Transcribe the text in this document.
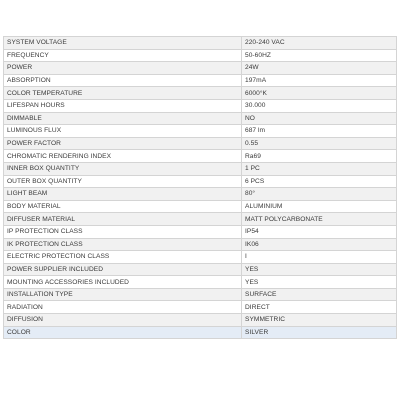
SYSTEM VOLTAGE	220-240 VAC
FREQUENCY	50-60HZ
POWER	24W
ABSORPTION	197mA
COLOR TEMPERATURE	6000°K
LIFESPAN HOURS	30.000
DIMMABLE	NO
LUMINOUS FLUX	687 lm
POWER FACTOR	0.55
CHROMATIC RENDERING INDEX	Ra69
INNER BOX QUANTITY	1 PC
OUTER BOX QUANTITY	6 PCS
LIGHT BEAM	80°
BODY MATERIAL	ALUMINIUM
DIFFUSER MATERIAL	MATT POLYCARBONATE
IP PROTECTION CLASS	IP54
IK PROTECTION CLASS	IK06
ELECTRIC PROTECTION CLASS	I
POWER SUPPLIER INCLUDED	YES
MOUNTING ACCESSORIES INCLUDED	YES
INSTALLATION TYPE	SURFACE
RADIATION	DIRECT
DIFFUSION	SYMMETRIC
COLOR	SILVER
